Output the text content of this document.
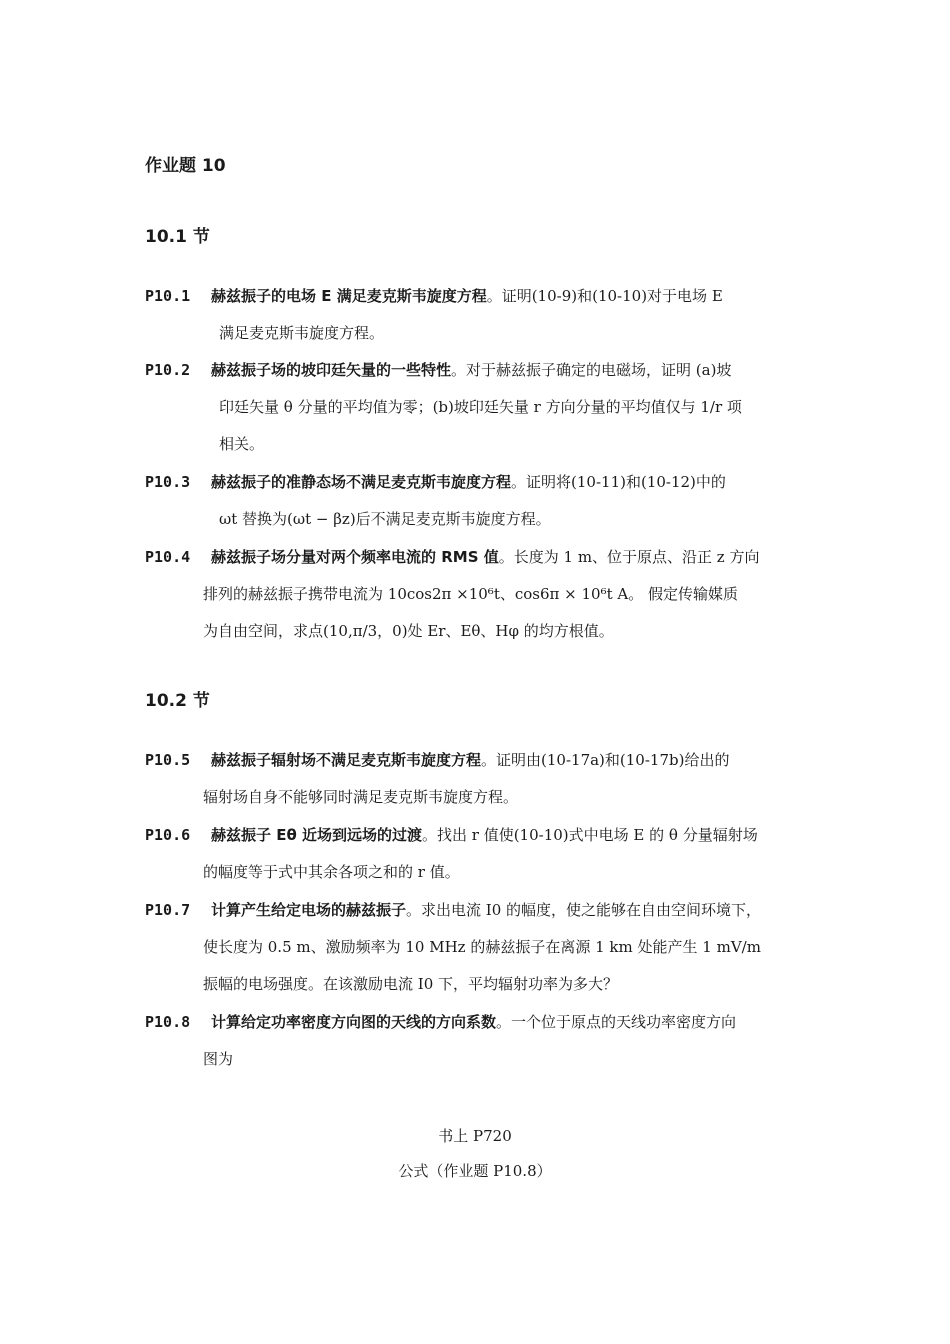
作业题 10
10.1 节
P10.1 赫兹振子的电场 E 满足麦克斯韦旋度方程。证明(10-9)和(10-10)对于电场 E
满足麦克斯韦旋度方程。
P10.2 赫兹振子场的坡印廷矢量的一些特性。对于赫兹振子确定的电磁场，证明 (a)坡
印廷矢量 θ 分量的平均值为零；(b)坡印廷矢量 r 方向分量的平均值仅与 1/r 项
相关。
P10.3 赫兹振子的准静态场不满足麦克斯韦旋度方程。证明将(10-11)和(10-12)中的
ωt 替换为(ωt − βz)后不满足麦克斯韦旋度方程。
P10.4 赫兹振子场分量对两个频率电流的 RMS 值。长度为 1 m、位于原点、沿正 z 方向
排列的赫兹振子携带电流为 10cos2π ×10⁶t、cos6π × 10⁶t A。 假定传输媒质
为自由空间，求点(10,π/3，0)处 Er、Eθ、Hφ 的均方根值。
10.2 节
P10.5 赫兹振子辐射场不满足麦克斯韦旋度方程。证明由(10-17a)和(10-17b)给出的
辐射场自身不能够同时满足麦克斯韦旋度方程。
P10.6 赫兹振子 Eθ 近场到远场的过渡。找出 r 值使(10-10)式中电场 E 的 θ 分量辐射场
的幅度等于式中其余各项之和的 r 值。
P10.7 计算产生给定电场的赫兹振子。求出电流 I0 的幅度，使之能够在自由空间环境下，
使长度为 0.5 m、激励频率为 10 MHz 的赫兹振子在离源 1 km 处能产生 1 mV/m
振幅的电场强度。在该激励电流 I0 下，平均辐射功率为多大？
P10.8 计算给定功率密度方向图的天线的方向系数。一个位于原点的天线功率密度方向
图为
书上 P720
公式（作业题 P10.8）
